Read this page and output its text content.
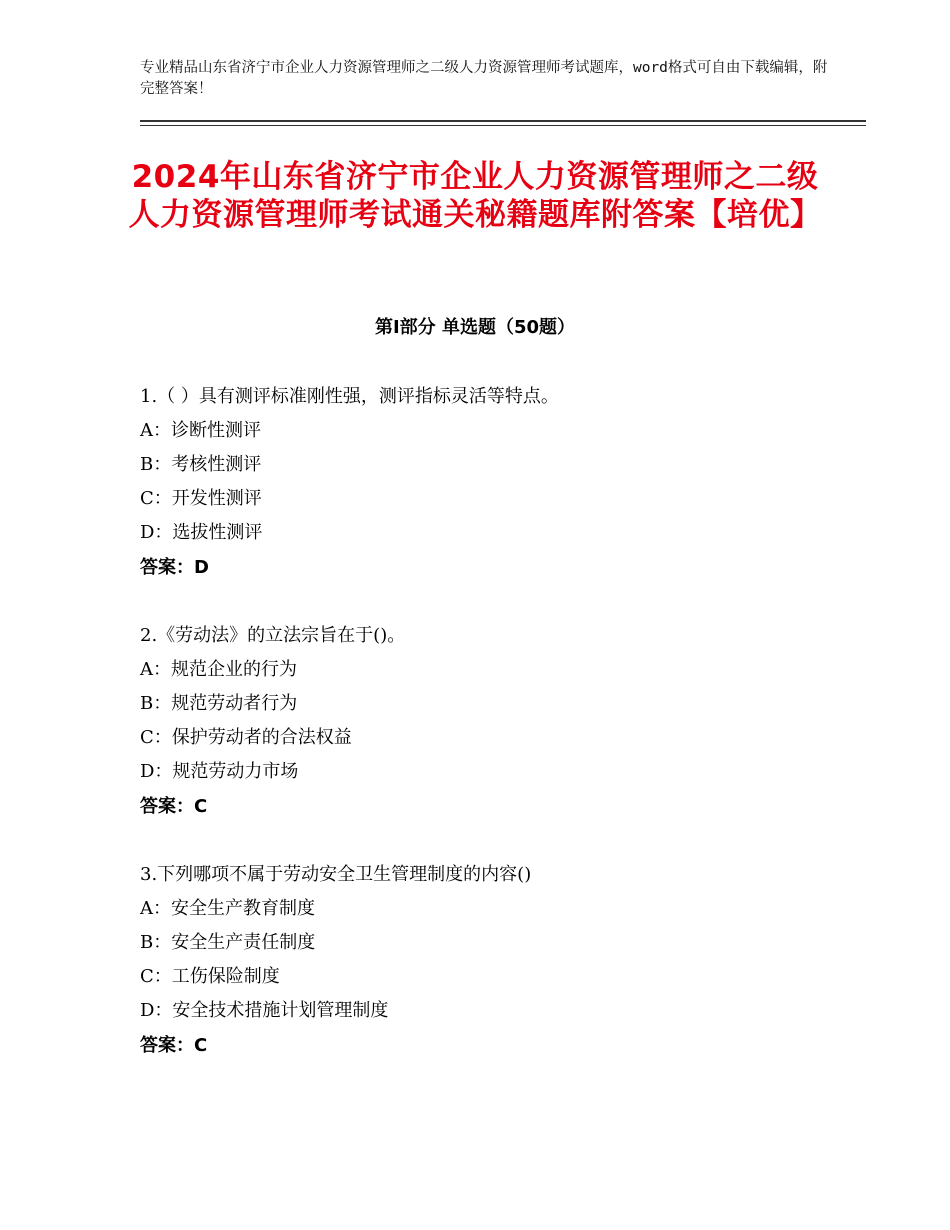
专业精品山东省济宁市企业人力资源管理师之二级人力资源管理师考试题库，word格式可自由下载编辑，附完整答案！
2024年山东省济宁市企业人力资源管理师之二级人力资源管理师考试通关秘籍题库附答案【培优】
第Ⅰ部分 单选题（50题）
1.（ ）具有测评标准刚性强，测评指标灵活等特点。
A：诊断性测评
B：考核性测评
C：开发性测评
D：选拔性测评
答案：D
2.《劳动法》的立法宗旨在于()。
A：规范企业的行为
B：规范劳动者行为
C：保护劳动者的合法权益
D：规范劳动力市场
答案：C
3.下列哪项不属于劳动安全卫生管理制度的内容()
A：安全生产教育制度
B：安全生产责任制度
C：工伤保险制度
D：安全技术措施计划管理制度
答案：C
